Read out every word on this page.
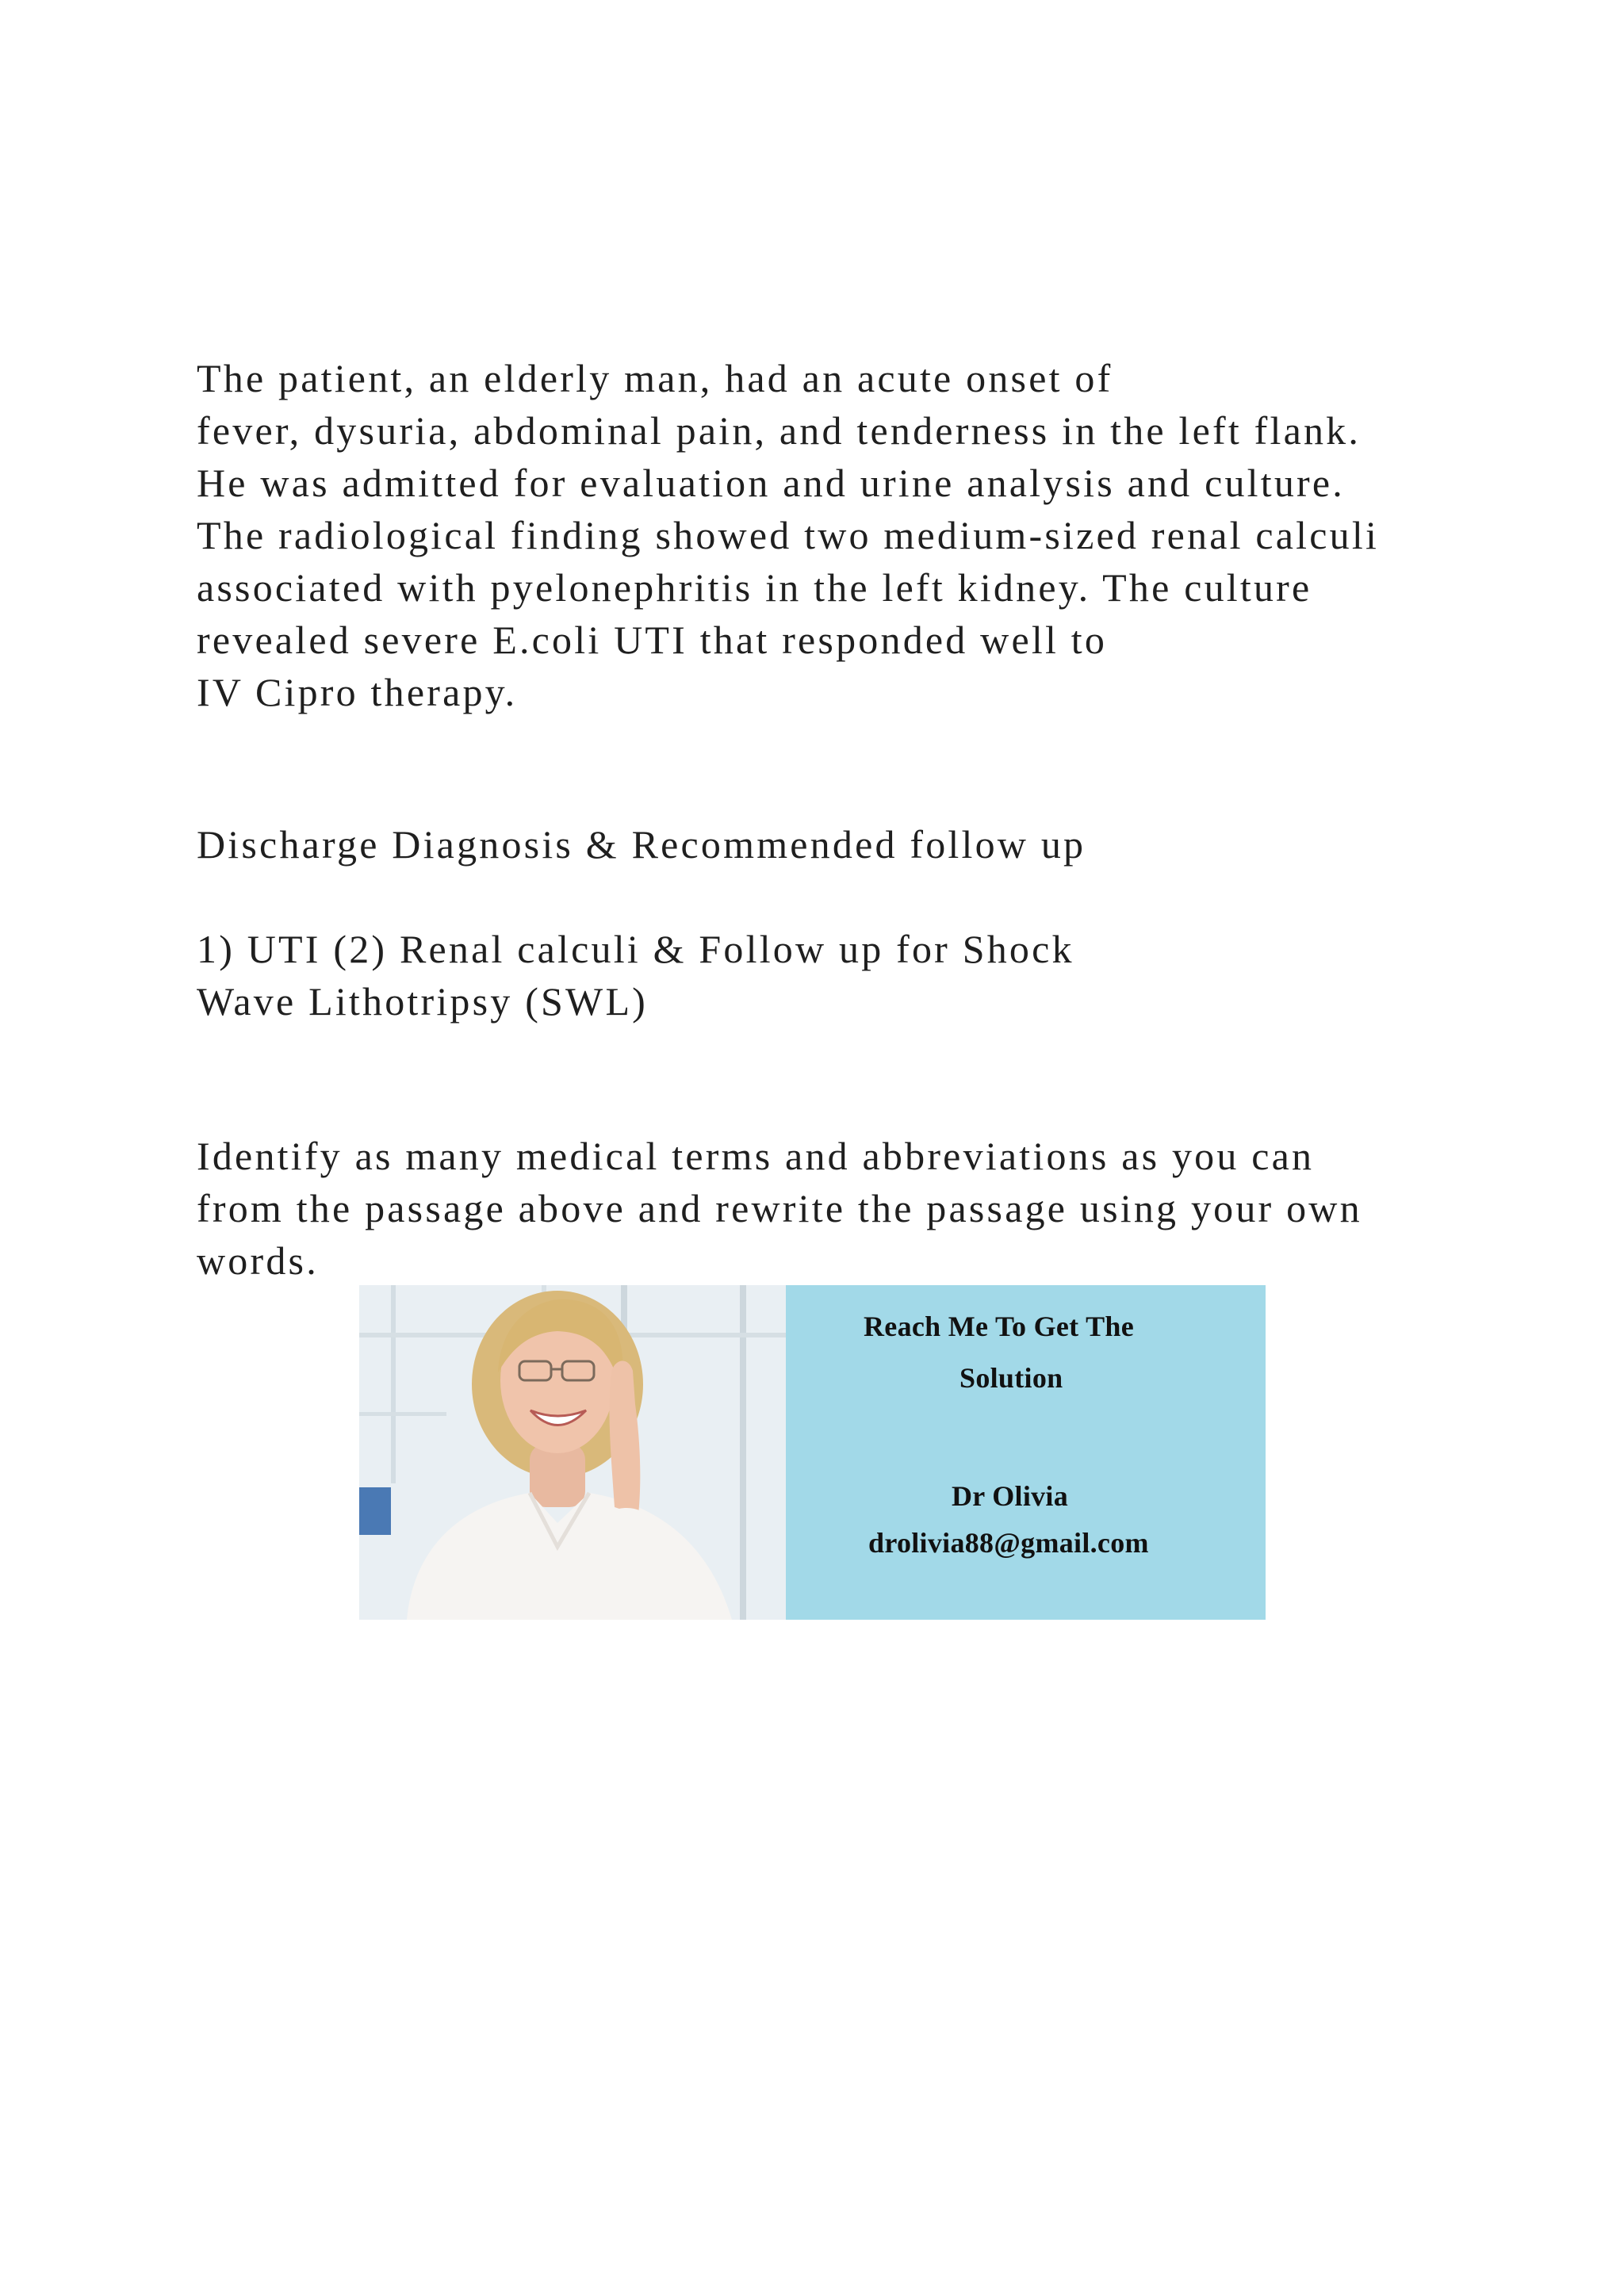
The patient, an elderly man, had an acute onset of
fever, dysuria, abdominal pain, and tenderness in the left flank.
He was admitted for evaluation and urine analysis and culture.
The radiological finding showed two medium-sized renal calculi
associated with pyelonephritis in the left kidney. The culture
revealed severe E.coli UTI that responded well to
IV Cipro therapy.

Discharge Diagnosis & Recommended follow up

1) UTI (2) Renal calculi & Follow up for Shock
Wave Lithotripsy (SWL)

Identify as many medical terms and abbreviations as you can
from the passage above and rewrite the passage using your own
words.

Reach Me To Get The
Solution
Dr Olivia
drolivia88@gmail.com
